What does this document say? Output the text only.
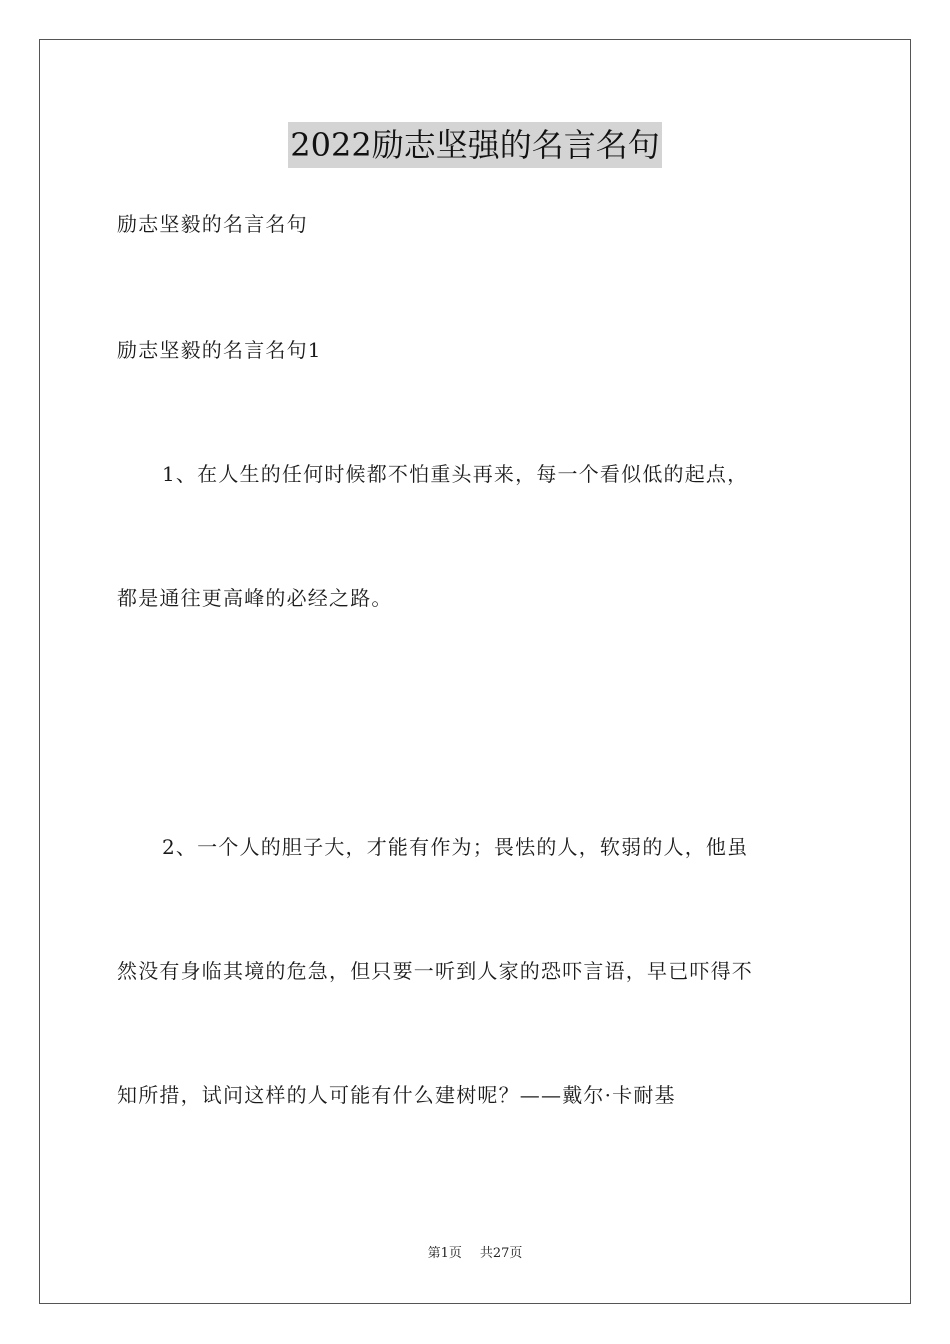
2022励志坚强的名言名句
励志坚毅的名言名句
励志坚毅的名言名句1
1、在人生的任何时候都不怕重头再来，每一个看似低的起点，
都是通往更高峰的必经之路。
2、一个人的胆子大，才能有作为；畏怯的人，软弱的人，他虽
然没有身临其境的危急，但只要一听到人家的恐吓言语，早已吓得不
知所措，试问这样的人可能有什么建树呢？——戴尔·卡耐基
第1页 共27页
